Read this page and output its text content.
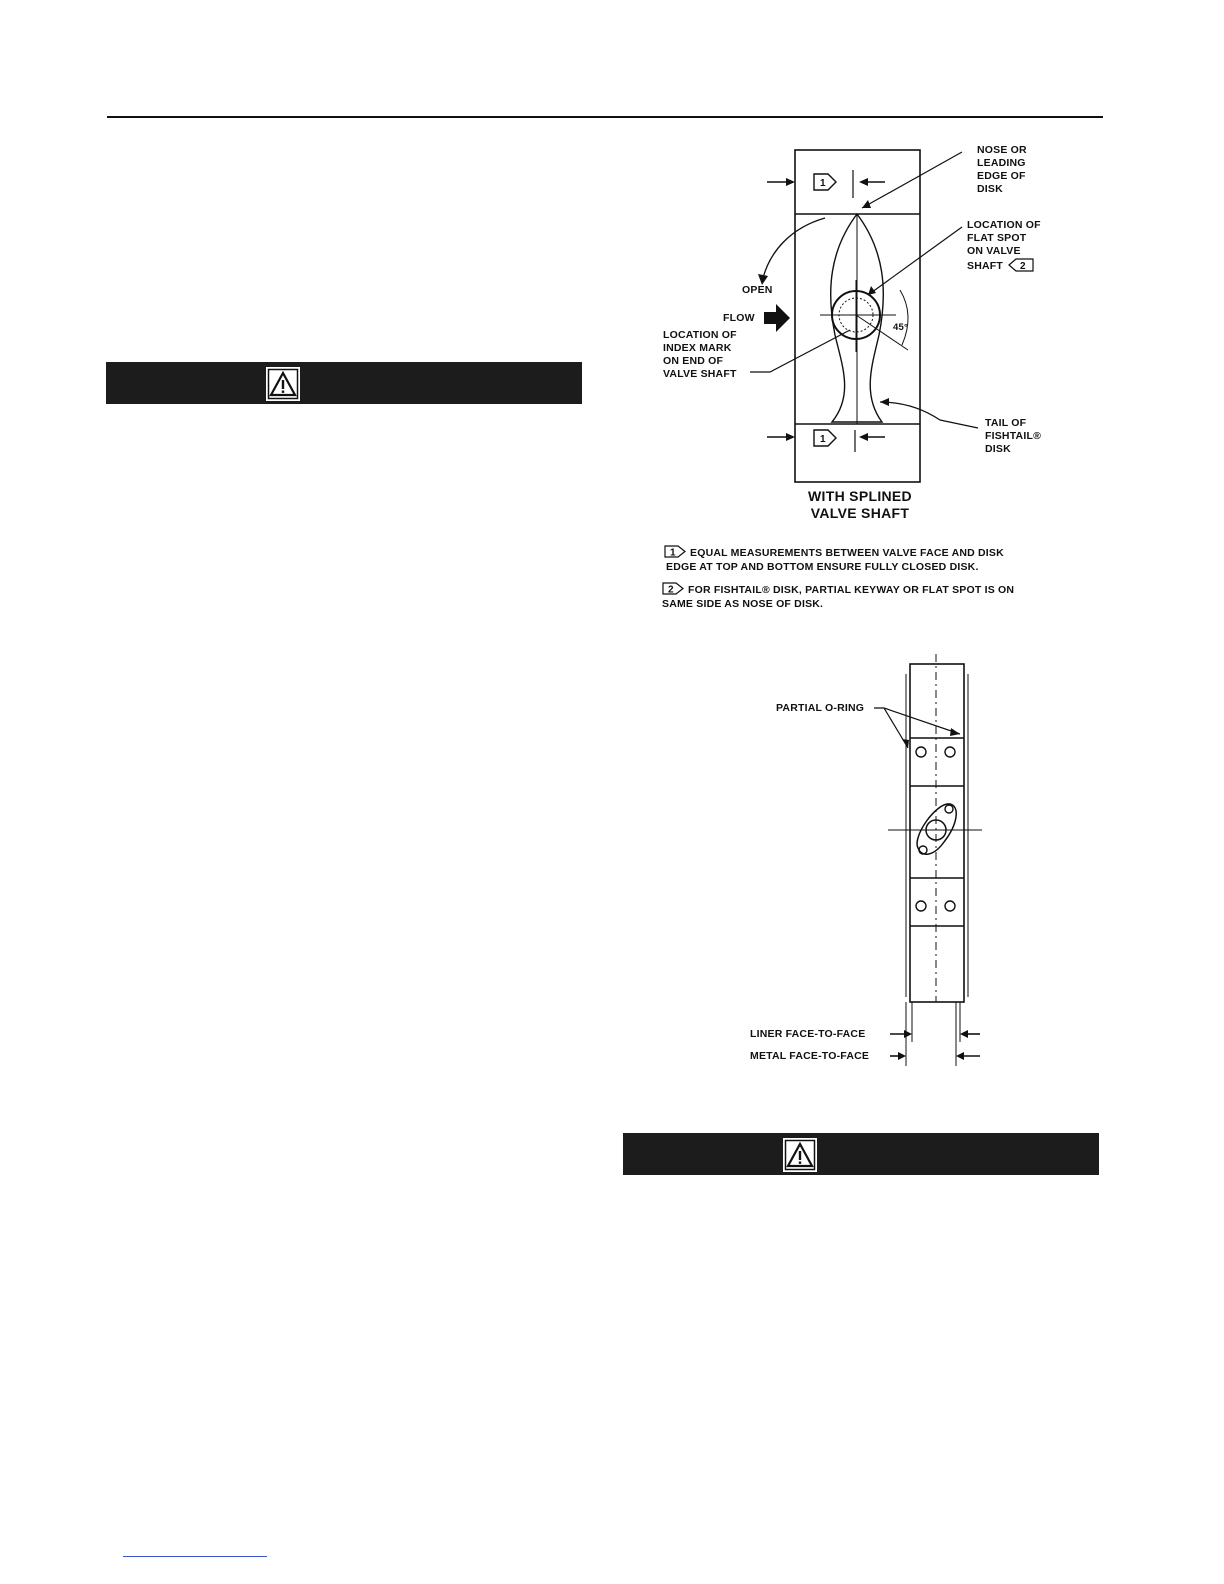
1
1
NOSE OR
LEADING
EDGE OF
DISK
LOCATION OF
FLAT SPOT
ON VALVE
SHAFT 2
OPEN
FLOW
LOCATION OF
INDEX MARK
ON END OF
VALVE SHAFT
45°
TAIL OF
FISHTAIL®
DISK
WITH SPLINED
VALVE SHAFT
1 EQUAL MEASUREMENTS BETWEEN VALVE FACE AND DISK
EDGE AT TOP AND BOTTOM ENSURE FULLY CLOSED DISK.
2 FOR FISHTAIL® DISK, PARTIAL KEYWAY OR FLAT SPOT IS ON
SAME SIDE AS NOSE OF DISK.
PARTIAL O-RING
LINER FACE-TO-FACE
METAL FACE-TO-FACE
